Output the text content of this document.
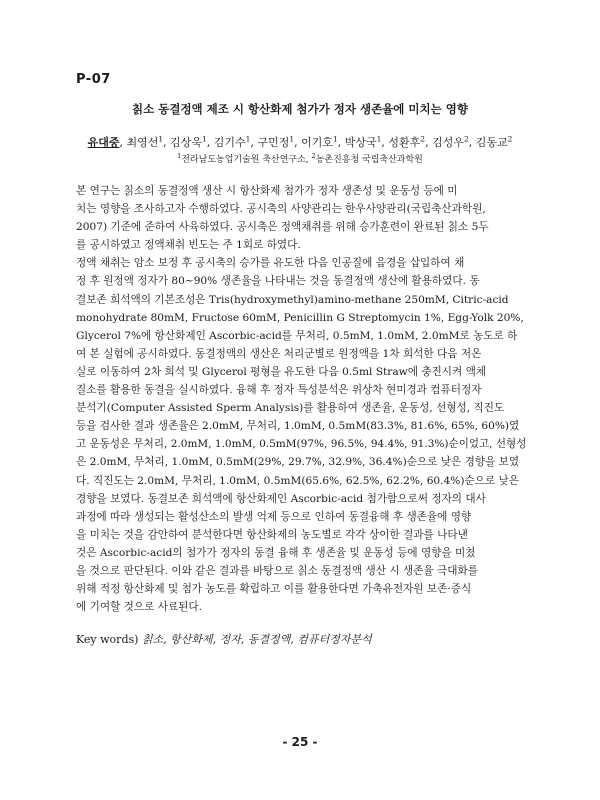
P-07
칡소 동결정액 제조 시 항산화제 첨가가 정자 생존율에 미치는 영향
유대중, 최영선$^1$, 김상욱$^1$, 김기수$^1$, 구민정$^1$, 이기호$^1$, 박상국$^1$, 성환후$^2$, 김성우$^2$, 김동교$^2$
$^1$전라남도농업기술원 축산연구소, $^2$농촌진흥청 국립축산과학원
본 연구는 칡소의 동결정액 생산 시 항산화제 첨가가 정자 생존성 및 운동성 등에 미
치는 영향을 조사하고자 수행하였다. 공시축의 사양관리는 한우사양관리(국립축산과학원,
2007) 기준에 준하여 사육하였다. 공시축은 정액채취를 위해 승가훈련이 완료된 칡소 5두
를 공시하였고 정액채취 빈도는 주 1회로 하였다.
정액 채취는 암소 보정 후 공시축의 승가를 유도한 다음 인공질에 음경을 삽입하여 채
정 후 원정액 정자가 80~90% 생존율을 나타내는 것을 동결정액 생산에 활용하였다. 동
결보존 희석액의 기본조성은 Tris(hydroxymethyl)amino-methane 250mM, Citric-acid
monohydrate 80mM, Fructose 60mM, Penicillin G Streptomycin 1%, Egg-Yolk 20%,
Glycerol 7%에 항산화제인 Ascorbic-acid를 무처리, 0.5mM, 1.0mM, 2.0mM로 농도로 하
여 본 실험에 공시하였다. 동결정액의 생산은 처리군별로 원정액을 1차 희석한 다음 저온
실로 이동하여 2차 희석 및 Glycerol 평형을 유도한 다음 0.5ml Straw에 충진시켜 액체
질소를 활용한 동결을 실시하였다. 융해 후 정자 특성분석은 위상차 현미경과 컴퓨터정자
분석기(Computer Assisted Sperm Analysis)를 활용하여 생존율, 운동성, 선형성, 직진도
등을 검사한 결과 생존율은 2.0mM, 무처리, 1.0mM, 0.5mM(83.3%, 81.6%, 65%, 60%)였
고 운동성은 무처리, 2.0mM, 1.0mM, 0.5mM(97%, 96.5%, 94.4%, 91.3%)순이었고, 선형성
은 2.0mM, 무처리, 1.0mM, 0.5mM(29%, 29.7%, 32.9%, 36.4%)순으로 낮은 경향을 보였
다. 직진도는 2.0mM, 무처리, 1.0mM, 0.5mM(65.6%, 62.5%, 62.2%, 60.4%)순으로 낮은
경향을 보였다. 동결보존 희석액에 항산화제인 Ascorbic-acid 첨가함으로써 정자의 대사
과정에 따라 생성되는 활성산소의 발생 억제 등으로 인하여 동결융해 후 생존율에 영향
을 미치는 것을 감안하여 분석한다면 항산화제의 농도별로 각각 상이한 결과를 나타낸
것은 Ascorbic-acid의 첨가가 정자의 동결 융해 후 생존율 및 운동성 등에 영향을 미쳤
을 것으로 판단된다. 이와 같은 결과를 바탕으로 칡소 동결정액 생산 시 생존율 극대화를
위해 적정 항산화제 및 첨가 농도를 확립하고 이를 활용한다면 가축유전자원 보존·증식
에 기여할 것으로 사료된다.
Key words) 칡소, 항산화제, 정자, 동결정액, 컴퓨터정자분석
- 25 -
